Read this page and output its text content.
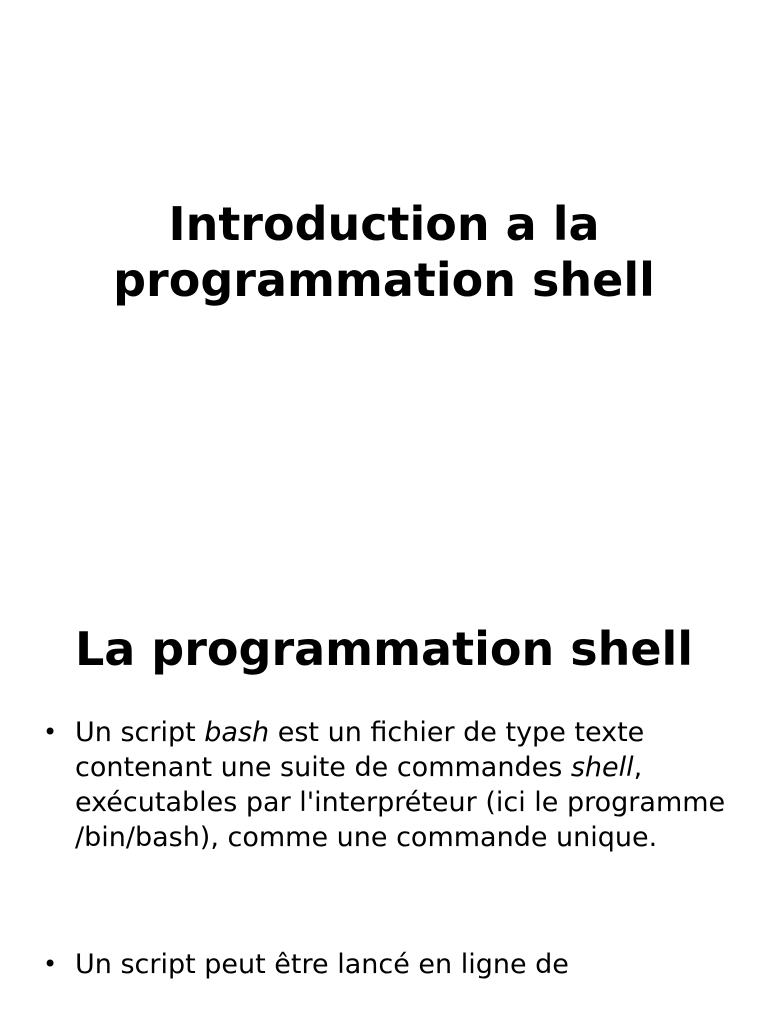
Introduction a la
programmation shell
La programmation shell
• Un script bash est un fichier de type texte contenant une suite de commandes shell, exécutables par l'interpréteur (ici le programme /bin/bash), comme une commande unique.
• Un script peut être lancé en ligne de
